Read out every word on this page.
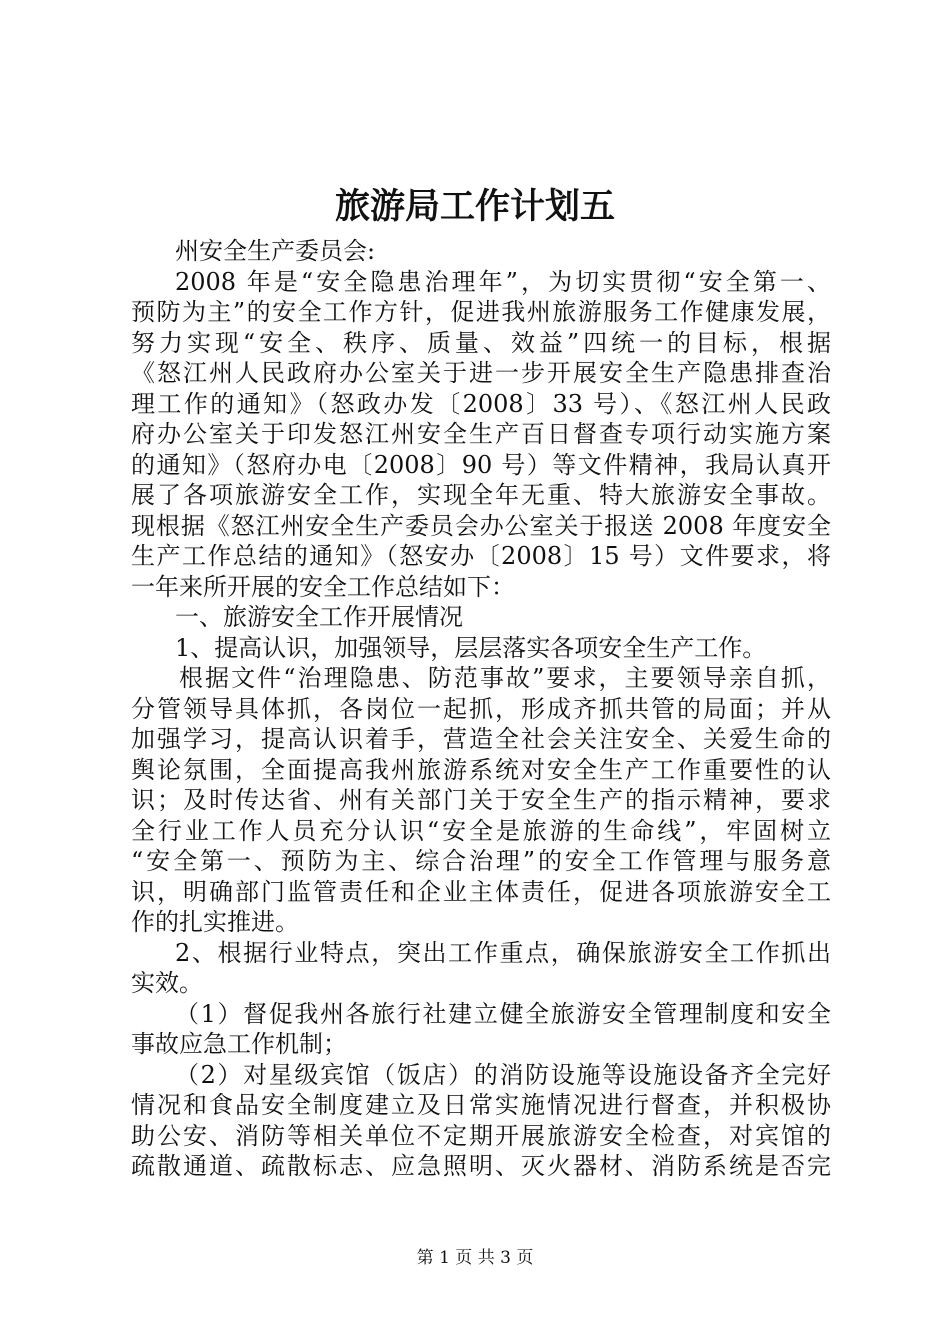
旅游局工作计划五
州安全生产委员会:
2008 年是“安全隐患治理年”，为切实贯彻“安全第一、
预防为主”的安全工作方针，促进我州旅游服务工作健康发展，
努力实现“安全、秩序、质量、效益”四统一的目标，根据
《怒江州人民政府办公室关于进一步开展安全生产隐患排查治
理工作的通知》（怒政办发〔2008〕33 号）、《怒江州人民政
府办公室关于印发怒江州安全生产百日督查专项行动实施方案
的通知》（怒府办电〔2008〕90 号）等文件精神，我局认真开
展了各项旅游安全工作，实现全年无重、特大旅游安全事故。
现根据《怒江州安全生产委员会办公室关于报送 2008 年度安全
生产工作总结的通知》（怒安办〔2008〕15 号）文件要求，将
一年来所开展的安全工作总结如下：
一、旅游安全工作开展情况
1、提高认识，加强领导，层层落实各项安全生产工作。
根据文件“治理隐患、防范事故”要求，主要领导亲自抓，
分管领导具体抓，各岗位一起抓，形成齐抓共管的局面；并从
加强学习，提高认识着手，营造全社会关注安全、关爱生命的
舆论氛围，全面提高我州旅游系统对安全生产工作重要性的认
识；及时传达省、州有关部门关于安全生产的指示精神，要求
全行业工作人员充分认识“安全是旅游的生命线”，牢固树立
“安全第一、预防为主、综合治理”的安全工作管理与服务意
识，明确部门监管责任和企业主体责任，促进各项旅游安全工
作的扎实推进。
2、根据行业特点，突出工作重点，确保旅游安全工作抓出
实效。
（1）督促我州各旅行社建立健全旅游安全管理制度和安全
事故应急工作机制；
（2）对星级宾馆（饭店）的消防设施等设施设备齐全完好
情况和食品安全制度建立及日常实施情况进行督查，并积极协
助公安、消防等相关单位不定期开展旅游安全检查，对宾馆的
疏散通道、疏散标志、应急照明、灭火器材、消防系统是否完
第 1 页 共 3 页
